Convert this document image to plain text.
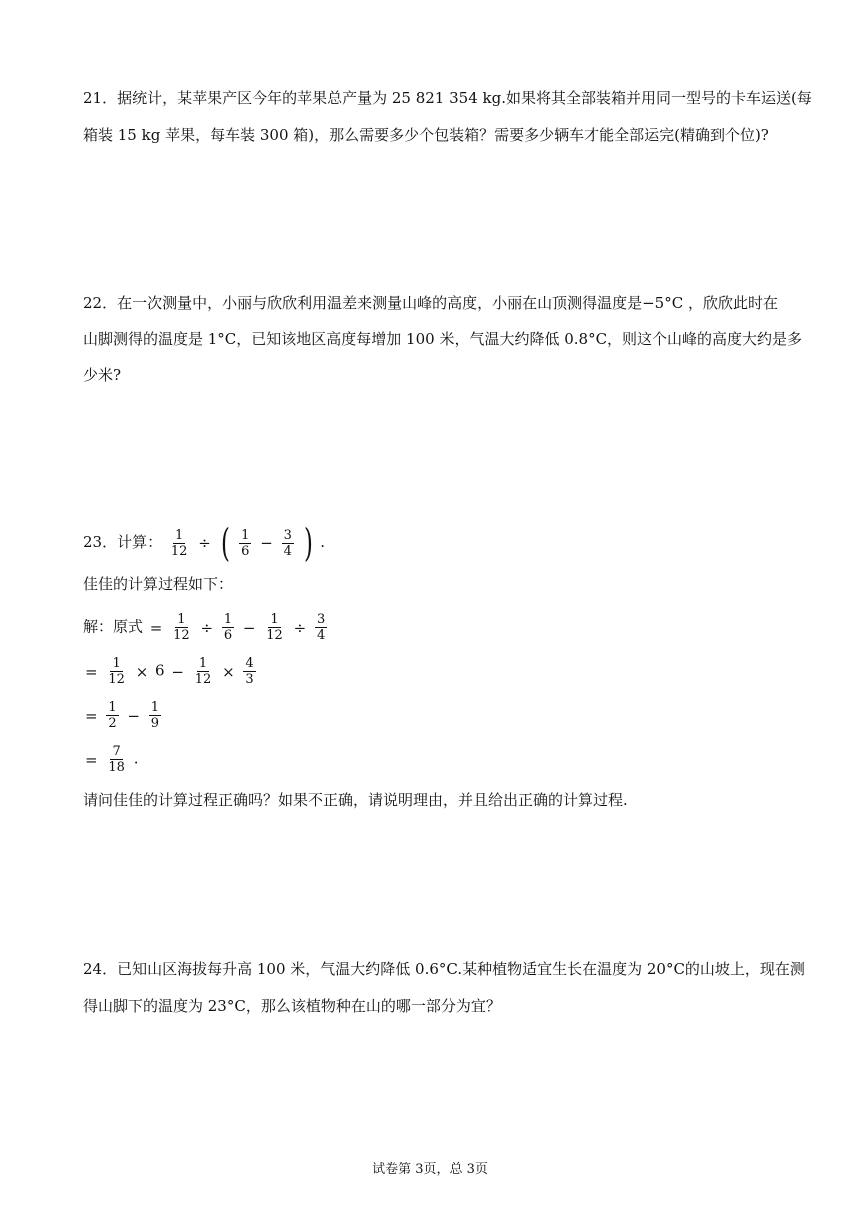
21．据统计，某苹果产区今年的苹果总产量为 25 821 354 kg.如果将其全部装箱并用同一型号的卡车运送(每
箱装 15 kg 苹果，每车装 300 箱)，那么需要多少个包装箱？需要多少辆车才能全部运完(精确到个位)?
22．在一次测量中，小丽与欣欣利用温差来测量山峰的高度，小丽在山顶测得温度是−5°C ，欣欣此时在
山脚测得的温度是 1°C，已知该地区高度每增加 100 米，气温大约降低 0.8°C，则这个山峰的高度大约是多
少米?
23．计算： $\frac{1}{12}$ ÷ ( $\frac{1}{6} - \frac{3}{4}$ ) .
佳佳的计算过程如下：
解：原式 = $\frac{1}{12} \div \frac{1}{6} - \frac{1}{12} \div \frac{3}{4}$
= $\frac{1}{12} \times 6 - \frac{1}{12} \times \frac{4}{3}$
= $\frac{1}{2} - \frac{1}{9}$
= $\frac{7}{18}$ .
请问佳佳的计算过程正确吗？如果不正确，请说明理由，并且给出正确的计算过程.
24．已知山区海拔每升高 100 米，气温大约降低 0.6°C.某种植物适宜生长在温度为 20°C的山坡上，现在测
得山脚下的温度为 23°C，那么该植物种在山的哪一部分为宜？
试卷第 3页，总 3页
